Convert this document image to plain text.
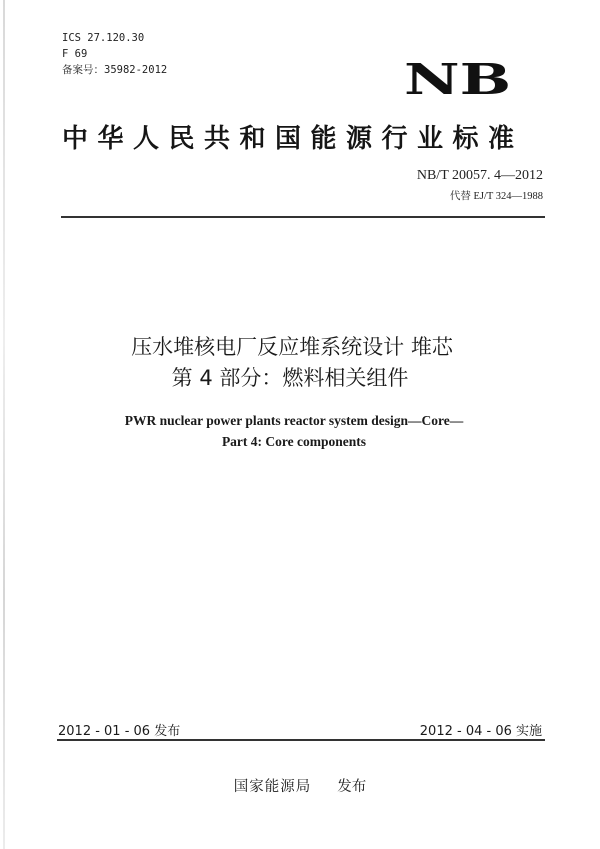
ICS 27.120.30
F 69
备案号：35982-2012	NB
中华人民共和国能源行业标准
NB/T 20057. 4—2012
代替 EJ/T 324—1988
压水堆核电厂反应堆系统设计 堆芯
第 4 部分：燃料相关组件
PWR nuclear power plants reactor system design—Core—
Part 4: Core components
2012 - 01 - 06 发布	2012 - 04 - 06 实施
国家能源局 发布
